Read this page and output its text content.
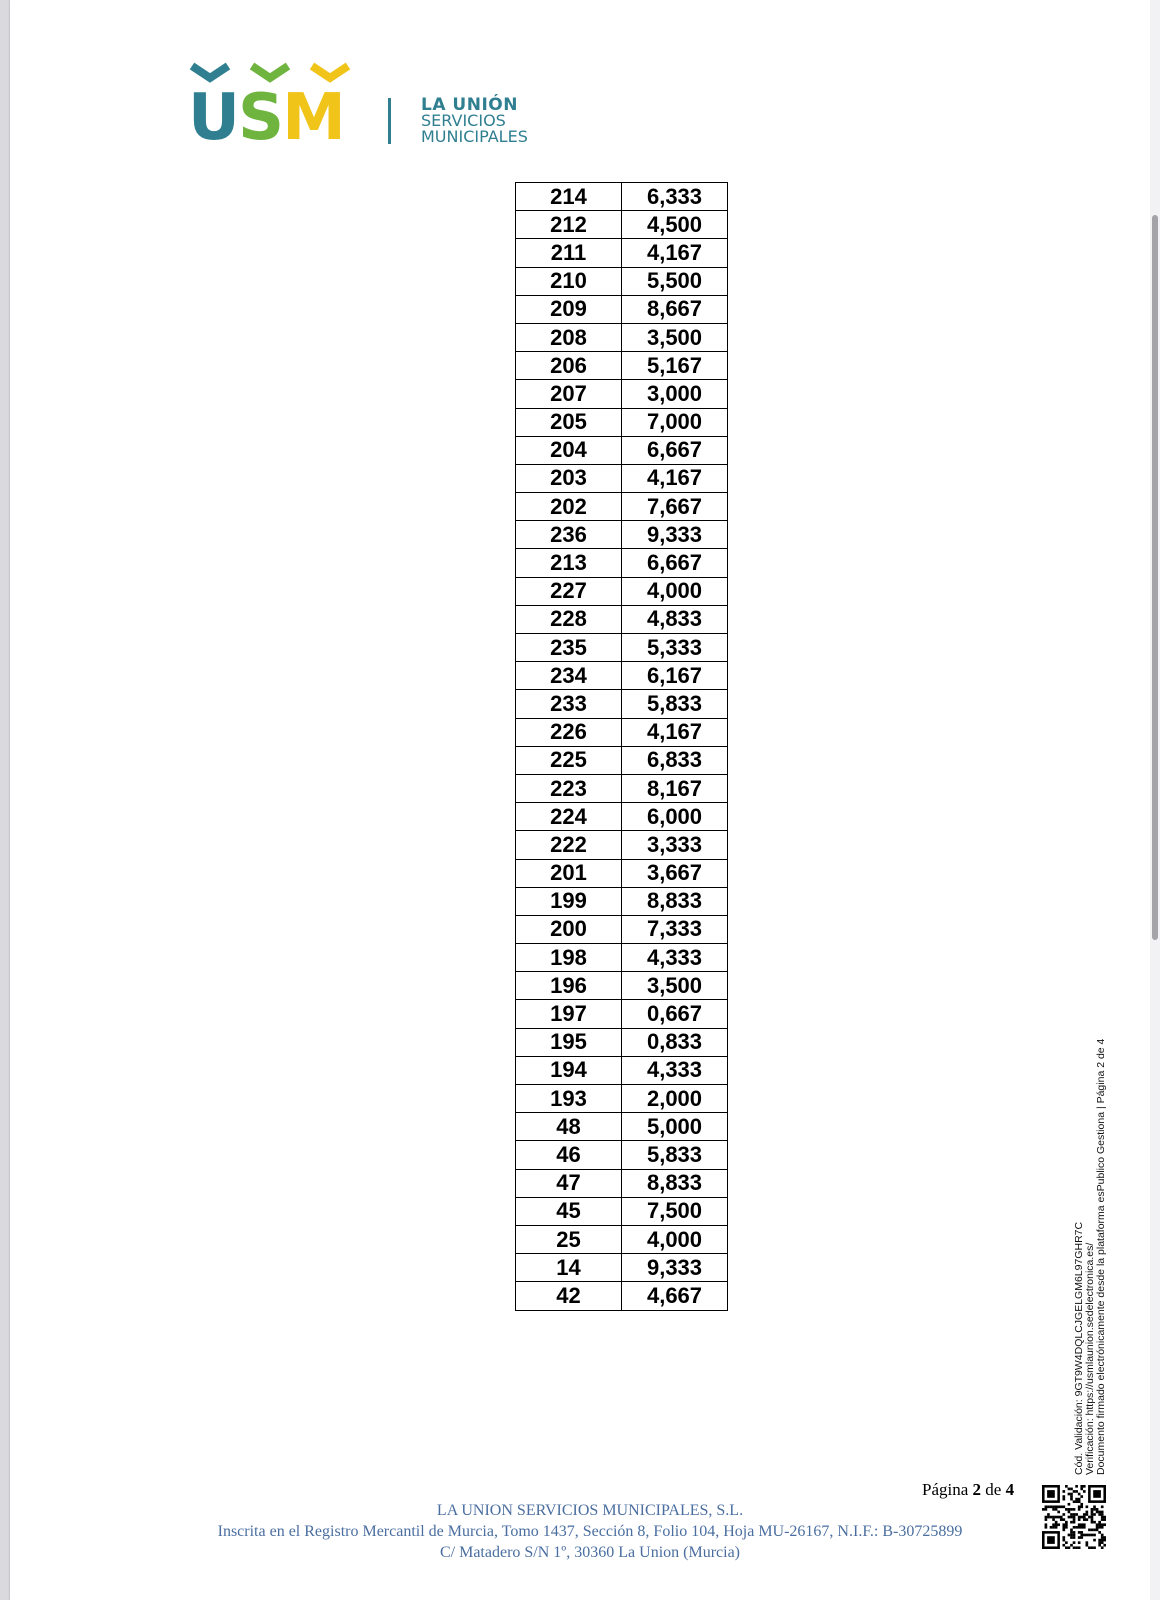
USM	LA UNIÓN
SERVICIOS
MUNICIPALES
214	6,333
212	4,500
211	4,167
210	5,500
209	8,667
208	3,500
206	5,167
207	3,000
205	7,000
204	6,667
203	4,167
202	7,667
236	9,333
213	6,667
227	4,000
228	4,833
235	5,333
234	6,167
233	5,833
226	4,167
225	6,833
223	8,167
224	6,000
222	3,333
201	3,667
199	8,833
200	7,333
198	4,333
196	3,500
197	0,667
195	0,833
194	4,333
193	2,000
48	5,000
46	5,833
47	8,833
45	7,500
25	4,000
14	9,333
42	4,667	Cód. Validación: 9GT9W4DQLCJGELGM6L97GHR7C Verificación: https://usmlaunion.sedelectronica.es/ Documento firmado electrónicamente desde la plataforma esPublico Gestiona | Página 2 de 4
Página 2 de 4
LA UNION SERVICIOS MUNICIPALES, S.L.
Inscrita en el Registro Mercantil de Murcia, Tomo 1437, Sección 8, Folio 104, Hoja MU-26167, N.I.F.: B-30725899
C/ Matadero S/N 1º, 30360 La Union (Murcia)
